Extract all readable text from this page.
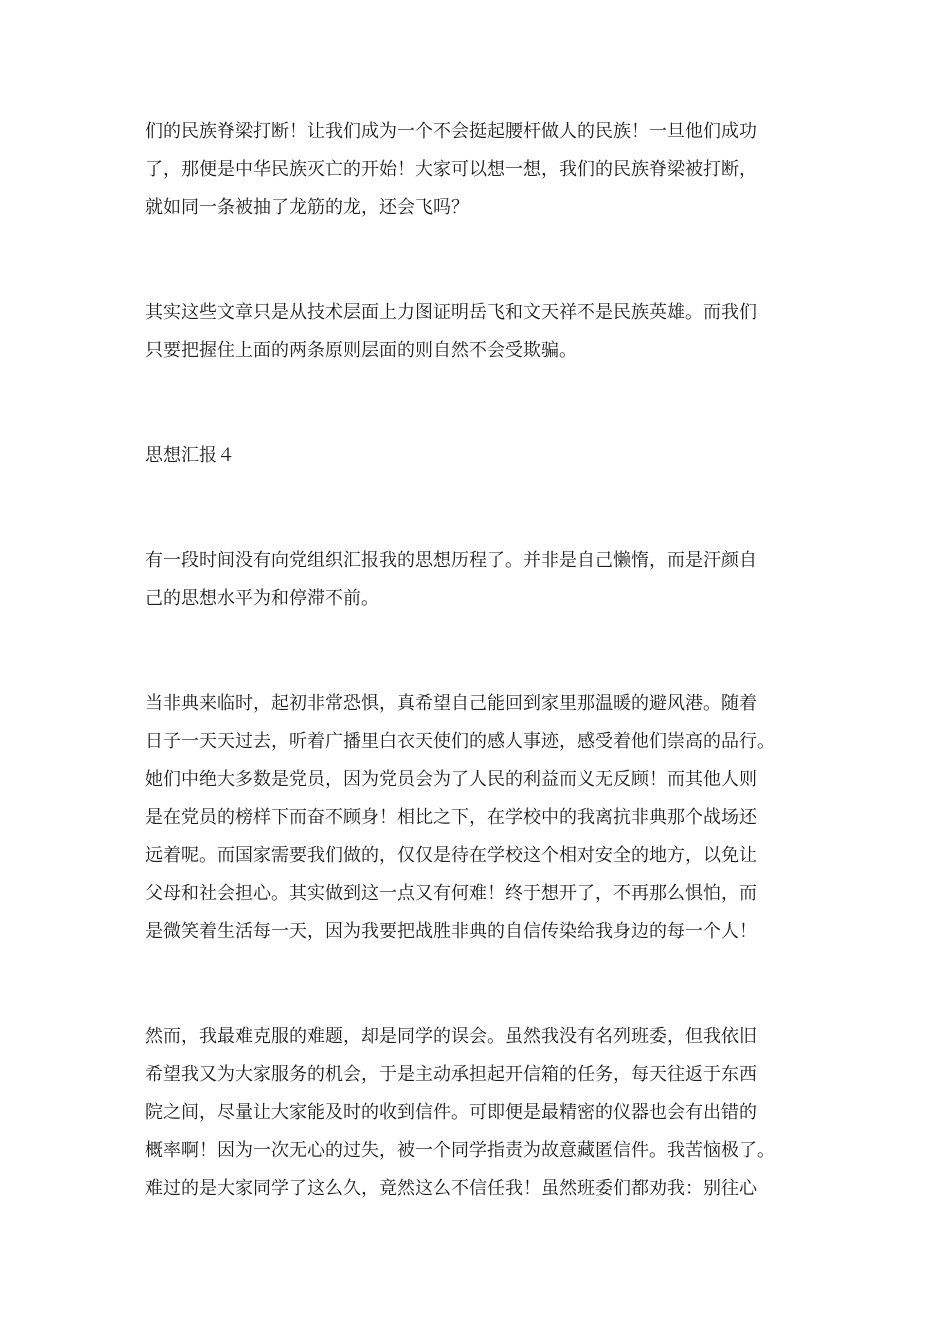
们的民族脊梁打断！让我们成为一个不会挺起腰杆做人的民族！一旦他们成功
了，那便是中华民族灭亡的开始！大家可以想一想，我们的民族脊梁被打断，
就如同一条被抽了龙筋的龙，还会飞吗？
其实这些文章只是从技术层面上力图证明岳飞和文天祥不是民族英雄。而我们
只要把握住上面的两条原则层面的则自然不会受欺骗。
思想汇报４
有一段时间没有向党组织汇报我的思想历程了。并非是自己懒惰，而是汗颜自
己的思想水平为和停滞不前。
当非典来临时，起初非常恐惧，真希望自己能回到家里那温暖的避风港。随着
日子一天天过去，听着广播里白衣天使们的感人事迹，感受着他们崇高的品行。
她们中绝大多数是党员，因为党员会为了人民的利益而义无反顾！而其他人则
是在党员的榜样下而奋不顾身！相比之下，在学校中的我离抗非典那个战场还
远着呢。而国家需要我们做的，仅仅是待在学校这个相对安全的地方，以免让
父母和社会担心。其实做到这一点又有何难！终于想开了，不再那么惧怕，而
是微笑着生活每一天，因为我要把战胜非典的自信传染给我身边的每一个人！
然而，我最难克服的难题，却是同学的误会。虽然我没有名列班委，但我依旧
希望我又为大家服务的机会，于是主动承担起开信箱的任务，每天往返于东西
院之间，尽量让大家能及时的收到信件。可即便是最精密的仪器也会有出错的
概率啊！因为一次无心的过失，被一个同学指责为故意藏匿信件。我苦恼极了。
难过的是大家同学了这么久，竟然这么不信任我！虽然班委们都劝我：别往心
